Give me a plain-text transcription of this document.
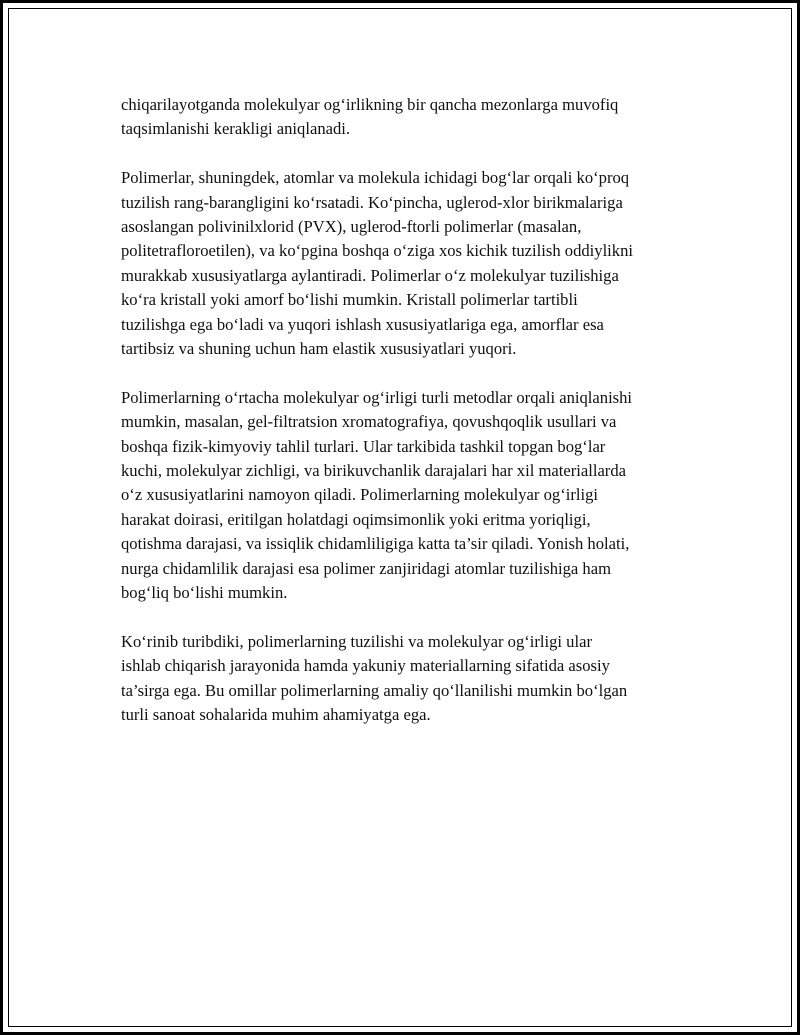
chiqarilayotganda molekulyar og‘irlikning bir qancha mezonlarga muvofiq
taqsimlanishi kerakligi aniqlanadi.

Polimerlar, shuningdek, atomlar va molekula ichidagi bog‘lar orqali ko‘proq
tuzilish rang-barangligini ko‘rsatadi. Ko‘pincha, uglerod-xlor birikmalariga
asoslangan polivinilxlorid (PVX), uglerod-ftorli polimerlar (masalan,
politetrafloroetilen), va ko‘pgina boshqa o‘ziga xos kichik tuzilish oddiylikni
murakkab xususiyatlarga aylantiradi. Polimerlar o‘z molekulyar tuzilishiga
ko‘ra kristall yoki amorf bo‘lishi mumkin. Kristall polimerlar tartibli
tuzilishga ega bo‘ladi va yuqori ishlash xususiyatlariga ega, amorflar esa
tartibsiz va shuning uchun ham elastik xususiyatlari yuqori.

Polimerlarning o‘rtacha molekulyar og‘irligi turli metodlar orqali aniqlanishi
mumkin, masalan, gel-filtratsion xromatografiya, qovushqoqlik usullari va
boshqa fizik-kimyoviy tahlil turlari. Ular tarkibida tashkil topgan bog‘lar
kuchi, molekulyar zichligi, va birikuvchanlik darajalari har xil materiallarda
o‘z xususiyatlarini namoyon qiladi. Polimerlarning molekulyar og‘irligi
harakat doirasi, eritilgan holatdagi oqimsimonlik yoki eritma yoriqligi,
qotishma darajasi, va issiqlik chidamliligiga katta ta’sir qiladi. Yonish holati,
nurga chidamlilik darajasi esa polimer zanjiridagi atomlar tuzilishiga ham
bog‘liq bo‘lishi mumkin.

Ko‘rinib turibdiki, polimerlarning tuzilishi va molekulyar og‘irligi ular
ishlab chiqarish jarayonida hamda yakuniy materiallarning sifatida asosiy
ta’sirga ega. Bu omillar polimerlarning amaliy qo‘llanilishi mumkin bo‘lgan
turli sanoat sohalarida muhim ahamiyatga ega.
